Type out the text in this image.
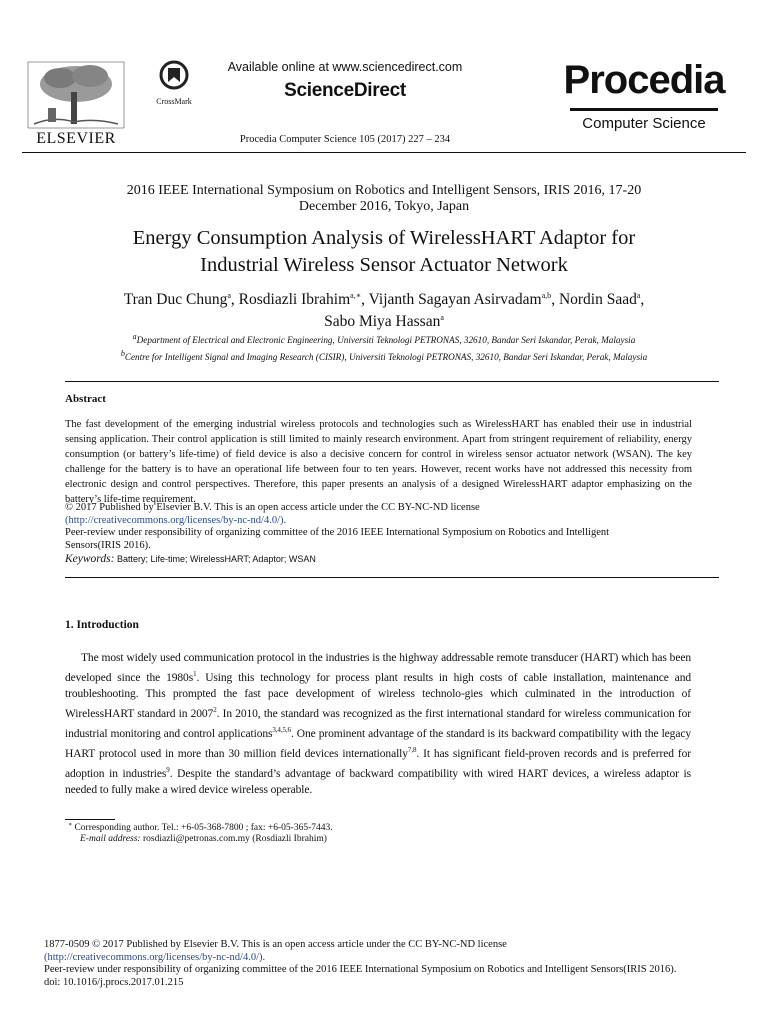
ELSEVIER
CrossMark
Available online at www.sciencedirect.com
ScienceDirect
Procedia Computer Science 105 (2017) 227 – 234
Procedia
Computer Science
2016 IEEE International Symposium on Robotics and Intelligent Sensors, IRIS 2016, 17-20
December 2016, Tokyo, Japan
Energy Consumption Analysis of WirelessHART Adaptor for
Industrial Wireless Sensor Actuator Network
Tran Duc Chung$^a$, Rosdiazli Ibrahim$^{a,∗}$, Vijanth Sagayan Asirvadam$^{a,b}$, Nordin Saad$^a$,
Sabo Miya Hassan$^a$
$^a$Department of Electrical and Electronic Engineering, Universiti Teknologi PETRONAS, 32610, Bandar Seri Iskandar, Perak, Malaysia
$^b$Centre for Intelligent Signal and Imaging Research (CISIR), Universiti Teknologi PETRONAS, 32610, Bandar Seri Iskandar, Perak, Malaysia
Abstract
The fast development of the emerging industrial wireless protocols and technologies such as WirelessHART has enabled their use in industrial sensing application. Their control application is still limited to mainly research environment. Apart from stringent requirement of reliability, energy consumption (or battery’s life-time) of field device is also a decisive concern for control in wireless sensor actuator network (WSAN). The key challenge for the battery is to have an operational life between four to ten years. However, recent works have not addressed this necessity from electronic design and control perspectives. Therefore, this paper presents an analysis of a designed WirelessHART adaptor emphasizing on the battery’s life-time requirement.
© 2017 Published by Elsevier B.V. This is an open access article under the CC BY-NC-ND license
(http://creativecommons.org/licenses/by-nc-nd/4.0/).
Peer-review under responsibility of organizing committee of the 2016 IEEE International Symposium on Robotics and Intelligent
Sensors(IRIS 2016).
Keywords: Battery; Life-time; WirelessHART; Adaptor; WSAN
1. Introduction
The most widely used communication protocol in the industries is the highway addressable remote transducer (HART) which has been developed since the $1980s^1$. Using this technology for process plant results in high costs of cable installation, maintenance and troubleshooting. This prompted the fast pace development of wireless technolo-gies which culminated in the introduction of WirelessHART standard in 2007$^2$. In 2010, the standard was recognized as the first international standard for wireless communication for industrial monitoring and control applications$^{3,4,5,6}$. One prominent advantage of the standard is its backward compatibility with the legacy HART protocol used in more than 30 million field devices internationally$^{7,8}$. It has significant field-proven records and is preferred for adoption in industries$^9$. Despite the standard’s advantage of backward compatibility with wired HART devices, a wireless adaptor is needed to fully make a wired device wireless operable.
∗ Corresponding author. Tel.: +6-05-368-7800 ; fax: +6-05-365-7443.
E-mail address: rosdiazli@petronas.com.my (Rosdiazli Ibrahim)
1877-0509 © 2017 Published by Elsevier B.V. This is an open access article under the CC BY-NC-ND license
(http://creativecommons.org/licenses/by-nc-nd/4.0/).
Peer-review under responsibility of organizing committee of the 2016 IEEE International Symposium on Robotics and Intelligent Sensors(IRIS 2016).
doi: 10.1016/j.procs.2017.01.215
